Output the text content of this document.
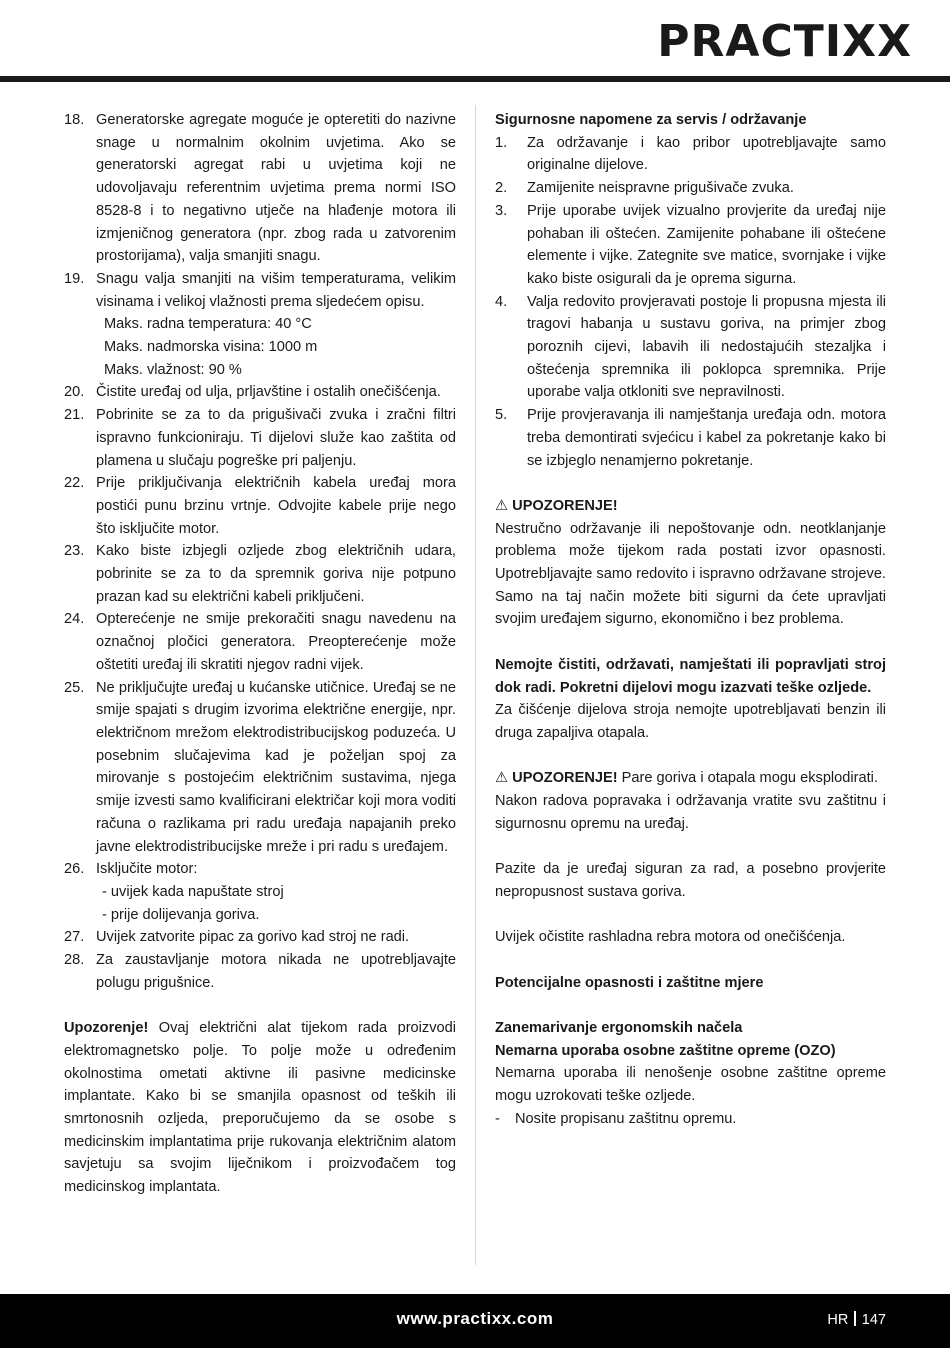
PRACTIXX
18. Generatorske agregate moguće je opteretiti do nazivne snage u normalnim okolnim uvjetima. Ako se generatorski agregat rabi u uvjetima koji ne udovoljavaju referentnim uvjetima prema normi ISO 8528-8 i to negativno utječe na hlađenje motora ili izmjeničnog generatora (npr. zbog rada u zatvorenim prostorijama), valja smanjiti snagu.
19. Snagu valja smanjiti na višim temperaturama, velikim visinama i velikoj vlažnosti prema sljedećem opisu.
Maks. radna temperatura: 40 °C
Maks. nadmorska visina: 1000 m
Maks. vlažnost: 90 %
20. Čistite uređaj od ulja, prljavštine i ostalih onečišćenja.
21. Pobrinite se za to da prigušivači zvuka i zračni filtri ispravno funkcioniraju. Ti dijelovi služe kao zaštita od plamena u slučaju pogreške pri paljenju.
22. Prije priključivanja električnih kabela uređaj mora postići punu brzinu vrtnje. Odvojite kabele prije nego što isključite motor.
23. Kako biste izbjegli ozljede zbog električnih udara, pobrinite se za to da spremnik goriva nije potpuno prazan kad su električni kabeli priključeni.
24. Opterećenje ne smije prekoračiti snagu navedenu na označnoj pločici generatora. Preopterećenje može oštetiti uređaj ili skratiti njegov radni vijek.
25. Ne priključujte uređaj u kućanske utičnice. Uređaj se ne smije spajati s drugim izvorima električne energije, npr. električnom mrežom elektrodistribucijskog poduzeća. U posebnim slučajevima kad je poželjan spoj za mirovanje s postojećim električnim sustavima, njega smije izvesti samo kvalificirani električar koji mora voditi računa o razlikama pri radu uređaja napajanih preko javne elektrodistribucijske mreže i pri radu s uređajem.
26. Isključite motor:
- uvijek kada napuštate stroj
- prije dolijevanja goriva.
27. Uvijek zatvorite pipac za gorivo kad stroj ne radi.
28. Za zaustavljanje motora nikada ne upotrebljavajte polugu prigušnice.

Upozorenje! Ovaj električni alat tijekom rada proizvodi elektromagnetsko polje. To polje može u određenim okolnostima ometati aktivne ili pasivne medicinske implantate. Kako bi se smanjila opasnost od teških ili smrtonosnih ozljeda, preporučujemo da se osobe s medicinskim implantatima prije rukovanja električnim alatom savjetuju sa svojim liječnikom i proizvođačem tog medicinskog implantata.

Sigurnosne napomene za servis / održavanje
1. Za održavanje i kao pribor upotrebljavajte samo originalne dijelove.
2. Zamijenite neispravne prigušivače zvuka.
3. Prije uporabe uvijek vizualno provjerite da uređaj nije pohaban ili oštećen. Zamijenite pohabane ili oštećene elemente i vijke. Zategnite sve matice, svornjake i vijke kako biste osigurali da je oprema sigurna.
4. Valja redovito provjeravati postoje li propusna mjesta ili tragovi habanja u sustavu goriva, na primjer zbog poroznih cijevi, labavih ili nedostajućih stezaljka i oštećenja spremnika ili poklopca spremnika. Prije uporabe valja otkloniti sve nepravilnosti.
5. Prije provjeravanja ili namještanja uređaja odn. motora treba demontirati svjećicu i kabel za pokretanje kako bi se izbjeglo nenamjerno pokretanje.
⚠ UPOZORENJE!

Nestručno održavanje ili nepoštovanje odn. neotklanjanje problema može tijekom rada postati izvor opasnosti. Upotrebljavajte samo redovito i ispravno održavane strojeve. Samo na taj način možete biti sigurni da ćete upravljati svojim uređajem sigurno, ekonomično i bez problema.

Nemojte čistiti, održavati, namještati ili popravljati stroj dok radi. Pokretni dijelovi mogu izazvati teške ozljede.

Za čišćenje dijelova stroja nemojte upotrebljavati benzin ili druga zapaljiva otapala.

⚠ UPOZORENJE! Pare goriva i otapala mogu eksplodirati.

Nakon radova popravaka i održavanja vratite svu zaštitnu i sigurnosnu opremu na uređaj.

Pazite da je uređaj siguran za rad, a posebno provjerite nepropusnost sustava goriva.

Uvijek očistite rashladna rebra motora od onečišćenja.

Potencijalne opasnosti i zaštitne mjere
Zanemarivanje ergonomskih načela
Nemarna uporaba osobne zaštitne opreme (OZO)

Nemarna uporaba ili nenošenje osobne zaštitne opreme mogu uzrokovati teške ozljede.

- Nosite propisanu zaštitnu opremu.
www.practixx.com	HR 147
